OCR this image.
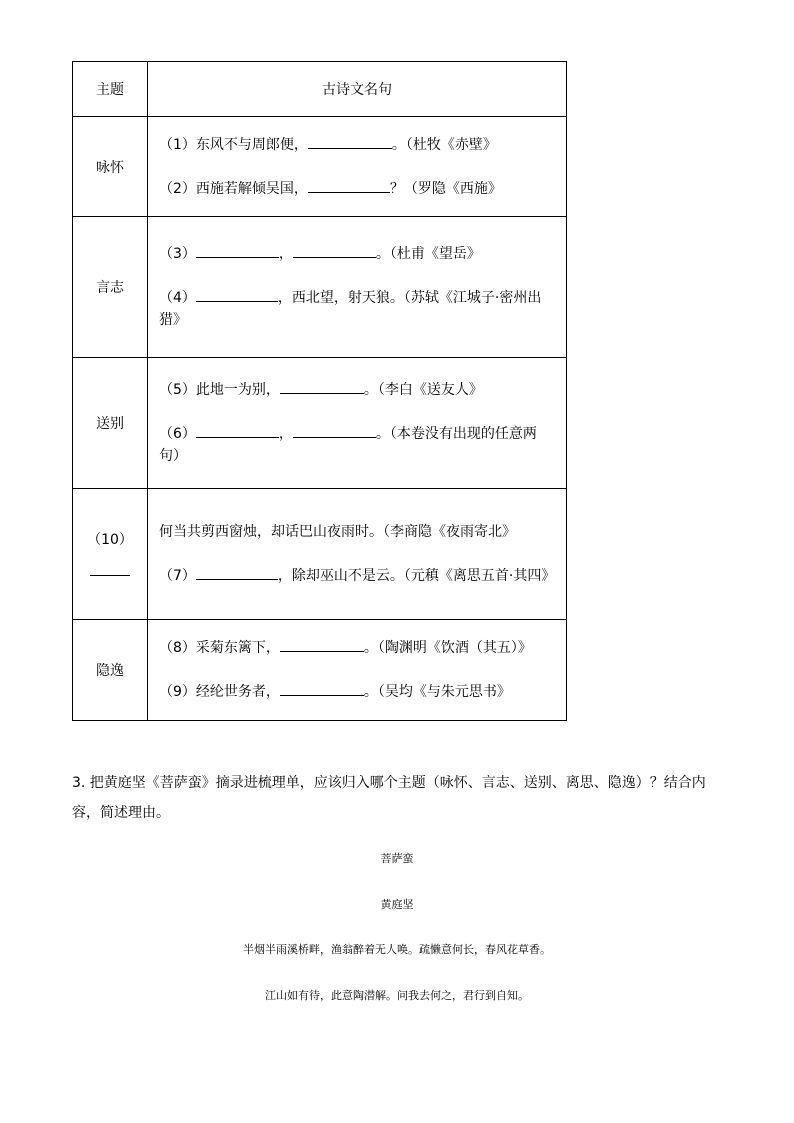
主题	古诗文名句
咏怀	（1）东风不与周郎便， 。（杜牧《赤壁》

（2）西施若解倾吴国， ？（罗隐《西施》

言志	（3） ， 。（杜甫《望岳》

（4） ，西北望，射天狼。（苏轼《江城子·密州出猎》

送别	（5）此地一为别， 。（李白《送友人》

（6） ， 。（本卷没有出现的任意两句）

（10）	何当共剪西窗烛，却话巴山夜雨时。（李商隐《夜雨寄北》

（7） ，除却巫山不是云。（元稹《离思五首·其四》

隐逸	（8）采菊东篱下， 。（陶渊明《饮酒（其五）》

（9）经纶世务者， 。（吴均《与朱元思书》

3. 把黄庭坚《菩萨蛮》摘录进梳理单，应该归入哪个主题（咏怀、言志、送别、离思、隐逸）？结合内容，简述理由。

菩萨蛮

黄庭坚

半烟半雨溪桥畔，渔翁醉着无人唤。疏懒意何长，春风花草香。

江山如有待，此意陶潜解。问我去何之，君行到自知。
